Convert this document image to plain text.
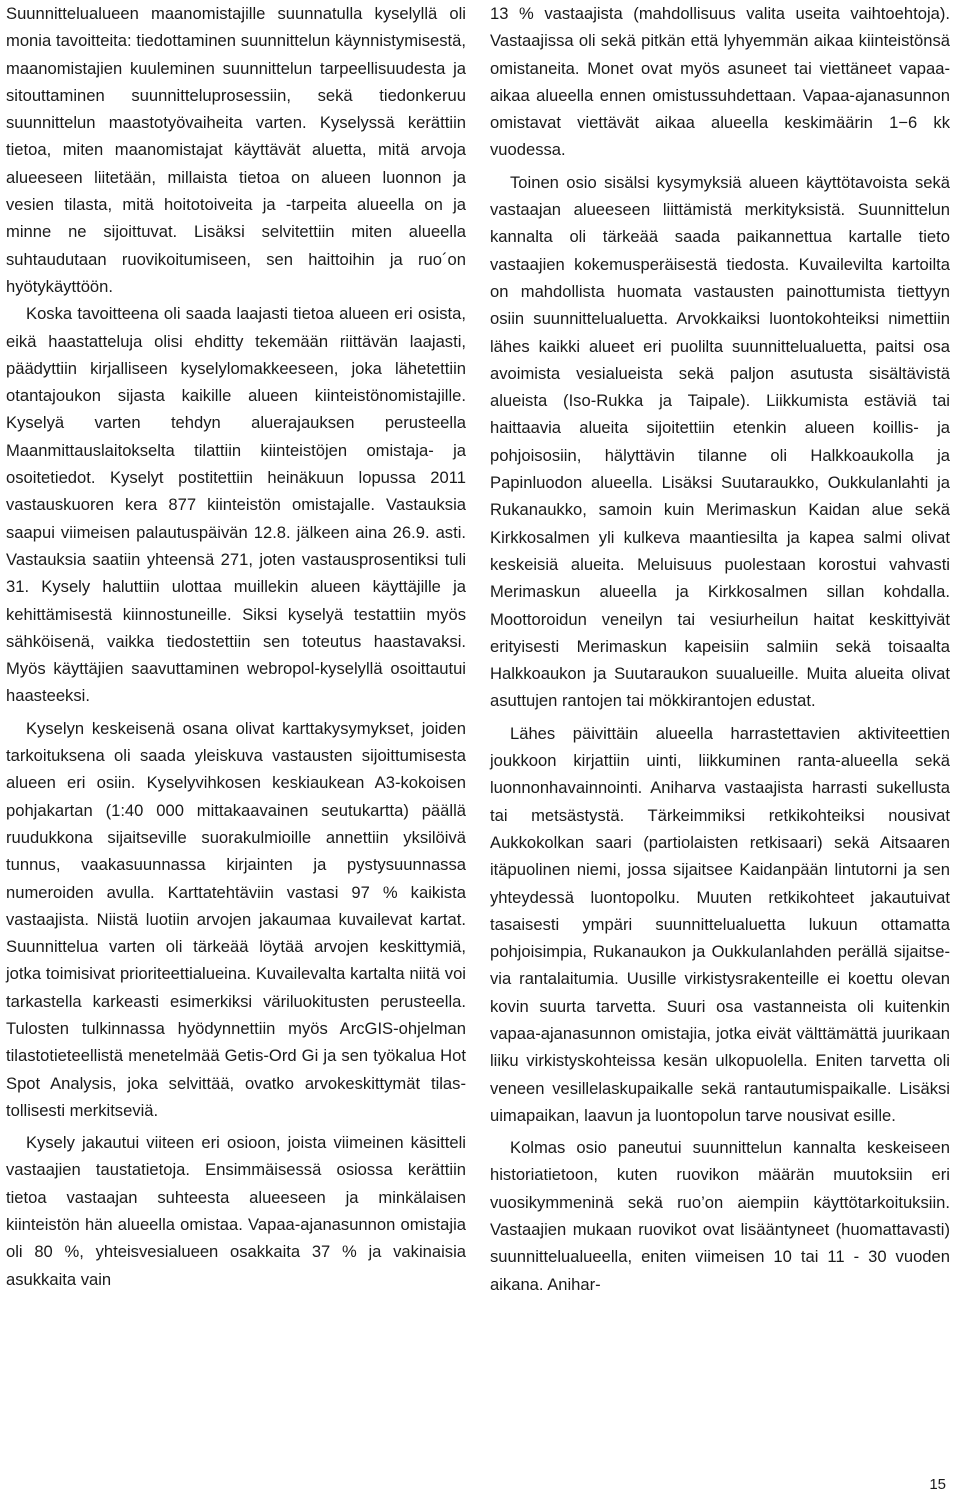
Suunnittelualueen maanomistajille suunnatulla kyselyllä oli monia tavoitteita: tiedottaminen suunnittelun käynnistymisestä, maanomistajien kuuleminen suunnittelun tarpeellisuudesta ja sitouttaminen suunnitteluprosessiin, sekä tiedonkeruu suunnittelun maastotyövaiheita varten. Kyselyssä kerättiin tietoa, miten maanomistajat käyttävät aluetta, mitä arvoja alueeseen liitetään, millaista tietoa on alueen luonnon ja vesien tilasta, mitä hoitotoiveita ja -tarpeita alueella on ja minne ne sijoittuvat. Lisäksi selvitettiin miten alueella suhtaudutaan ruovikoitumiseen, sen haittoihin ja ruo´on hyötykäyttöön.

Koska tavoitteena oli saada laajasti tietoa alueen eri osista, eikä haastatteluja olisi ehditty tekemään riittävän laajasti, päädyttiin kirjalliseen kyselylomakkeeseen, joka lähetettiin otantajoukon sijasta kaikille alueen kiinteistönomistajille. Kyselyä varten tehdyn aluerajauksen perusteella Maanmittauslaitokselta tilattiin kiinteistöjen omistaja- ja osoitetiedot. Kyselyt postitettiin heinäkuun lopussa 2011 vastauskuoren kera 877 kiinteistön omistajalle. Vastauksia saapui viimeisen palautuspäivän 12.8. jälkeen aina 26.9. asti. Vastauksia saatiin yhteensä 271, joten vastausprosentiksi tuli 31. Kysely haluttiin ulottaa muillekin alueen käyttäjille ja kehittämisestä kiinnostuneille. Siksi kyselyä testattiin myös sähköisenä, vaikka tiedostettiin sen toteutus haastavaksi. Myös käyttäjien saavuttaminen webropol-kyselyllä osoittautui haasteeksi.

Kyselyn keskeisenä osana olivat karttakysymykset, joiden tarkoituksena oli saada yleiskuva vastausten sijoittumisesta alueen eri osiin. Kyselyvihkosen keskiaukean A3-kokoisen pohjakartan (1:40 000 mittakaavainen seutukartta) päällä ruudukkona sijaitseville suorakulmioille annettiin yksilöivä tunnus, vaakasuunnassa kirjainten ja pystysuunnassa numeroiden avulla. Karttatehtäviin vastasi 97 % kaikista vastaajista. Niistä luotiin arvojen jakaumaa kuvailevat kartat. Suunnittelua varten oli tärkeää löytää arvojen keskittymiä, jotka toimisivat prioriteettialueina. Kuvailevalta kartalta niitä voi tarkastella karkeasti esimerkiksi väriluokitusten perusteella. Tulosten tulkinnassa hyödynnettiin myös ArcGIS-ohjelman tilastotieteellistä menetelmää Getis-Ord Gi ja sen työkalua Hot Spot Analysis, joka selvittää, ovatko arvokeskittymät tilastollisesti merkitseviä.

Kysely jakautui viiteen eri osioon, joista viimeinen käsitteli vastaajien taustatietoja. Ensimmäisessä osiossa kerättiin tietoa vastaajan suhteesta alueeseen ja minkälaisen kiinteistön hän alueella omistaa. Vapaa-ajanasunnon omistajia oli 80 %, yhteisvesialueen osakkaita 37 % ja vakinaisia asukkaita vain

13 % vastaajista (mahdollisuus valita useita vaihtoehtoja). Vastaajissa oli sekä pitkän että lyhyemmän aikaa kiinteistönsä omistaneita. Monet ovat myös asuneet tai viettäneet vapaa-aikaa alueella ennen omistussuhdettaan. Vapaa-ajanasunnon omistavat viettävät aikaa alueella keskimäärin 1−6 kk vuodessa.

Toinen osio sisälsi kysymyksiä alueen käyttötavoista sekä vastaajan alueeseen liittämistä merkityksistä. Suunnittelun kannalta oli tärkeää saada paikannettua kartalle tieto vastaajien kokemusperäisestä tiedosta. Kuvailevilta kartoilta on mahdollista huomata vastausten painottumista tiettyyn osiin suunnittelualuetta. Arvokkaiksi luontokohteiksi nimettiin lähes kaikki alueet eri puolilta suunnittelualuetta, paitsi osa avoimista vesialueista sekä paljon asutusta sisältävistä alueista (Iso-Rukka ja Taipale). Liikkumista estäviä tai haittaavia alueita sijoitettiin etenkin alueen koillis- ja pohjoisosiin, hälyttävin tilanne oli Halkkoaukolla ja Papinluodon alueella. Lisäksi Suutaraukko, Oukkulanlahti ja Rukanaukko, samoin kuin Merimaskun Kaidan alue sekä Kirkkosalmen yli kulkeva maantiesilta ja kapea salmi olivat keskeisiä alueita. Meluisuus puolestaan korostui vahvasti Merimaskun alueella ja Kirkkosalmen sillan kohdalla. Moottoroidun veneilyn tai vesiurheilun haitat keskittyivät erityisesti Merimaskun kapeisiin salmiin sekä toisaalta Halkkoaukon ja Suutaraukon suualueille. Muita alueita olivat asuttujen rantojen tai mökkirantojen edustat.

Lähes päivittäin alueella harrastettavien aktiviteettien joukkoon kirjattiin uinti, liikkuminen ranta-alueella sekä luonnonhavainnointi. Aniharva vastaajista harrasti sukellusta tai metsästystä. Tärkeimmiksi retkikohteiksi nousivat Aukkokolkan saari (partiolaisten retkisaari) sekä Aitsaaren itäpuolinen niemi, jossa sijaitsee Kaidanpään lintutorni ja sen yhteydessä luontopolku. Muuten retkikohteet jakautuivat tasaisesti ympäri suunnittelualuetta lukuun ottamatta pohjoisimpia, Rukanaukon ja Oukkulanlahden perällä sijaitsevia rantalaitumia. Uusille virkistysrakenteille ei koettu olevan kovin suurta tarvetta. Suuri osa vastanneista oli kuitenkin vapaa-ajanasunnon omistajia, jotka eivät välttämättä juurikaan liiku virkistyskohteissa kesän ulkopuolella. Eniten tarvetta oli veneen vesillelaskupaikalle sekä rantautumispaikalle. Lisäksi uimapaikan, laavun ja luontopolun tarve nousivat esille.

Kolmas osio paneutui suunnittelun kannalta keskeiseen historiatietoon, kuten ruovikon määrän muutoksiin eri vuosikymmeninä sekä ruo’on aiempiin käyttötarkoituksiin. Vastaajien mukaan ruovikot ovat lisääntyneet (huomattavasti) suunnittelualueella, eniten viimeisen 10 tai 11 - 30 vuoden aikana. Anihar-

15
